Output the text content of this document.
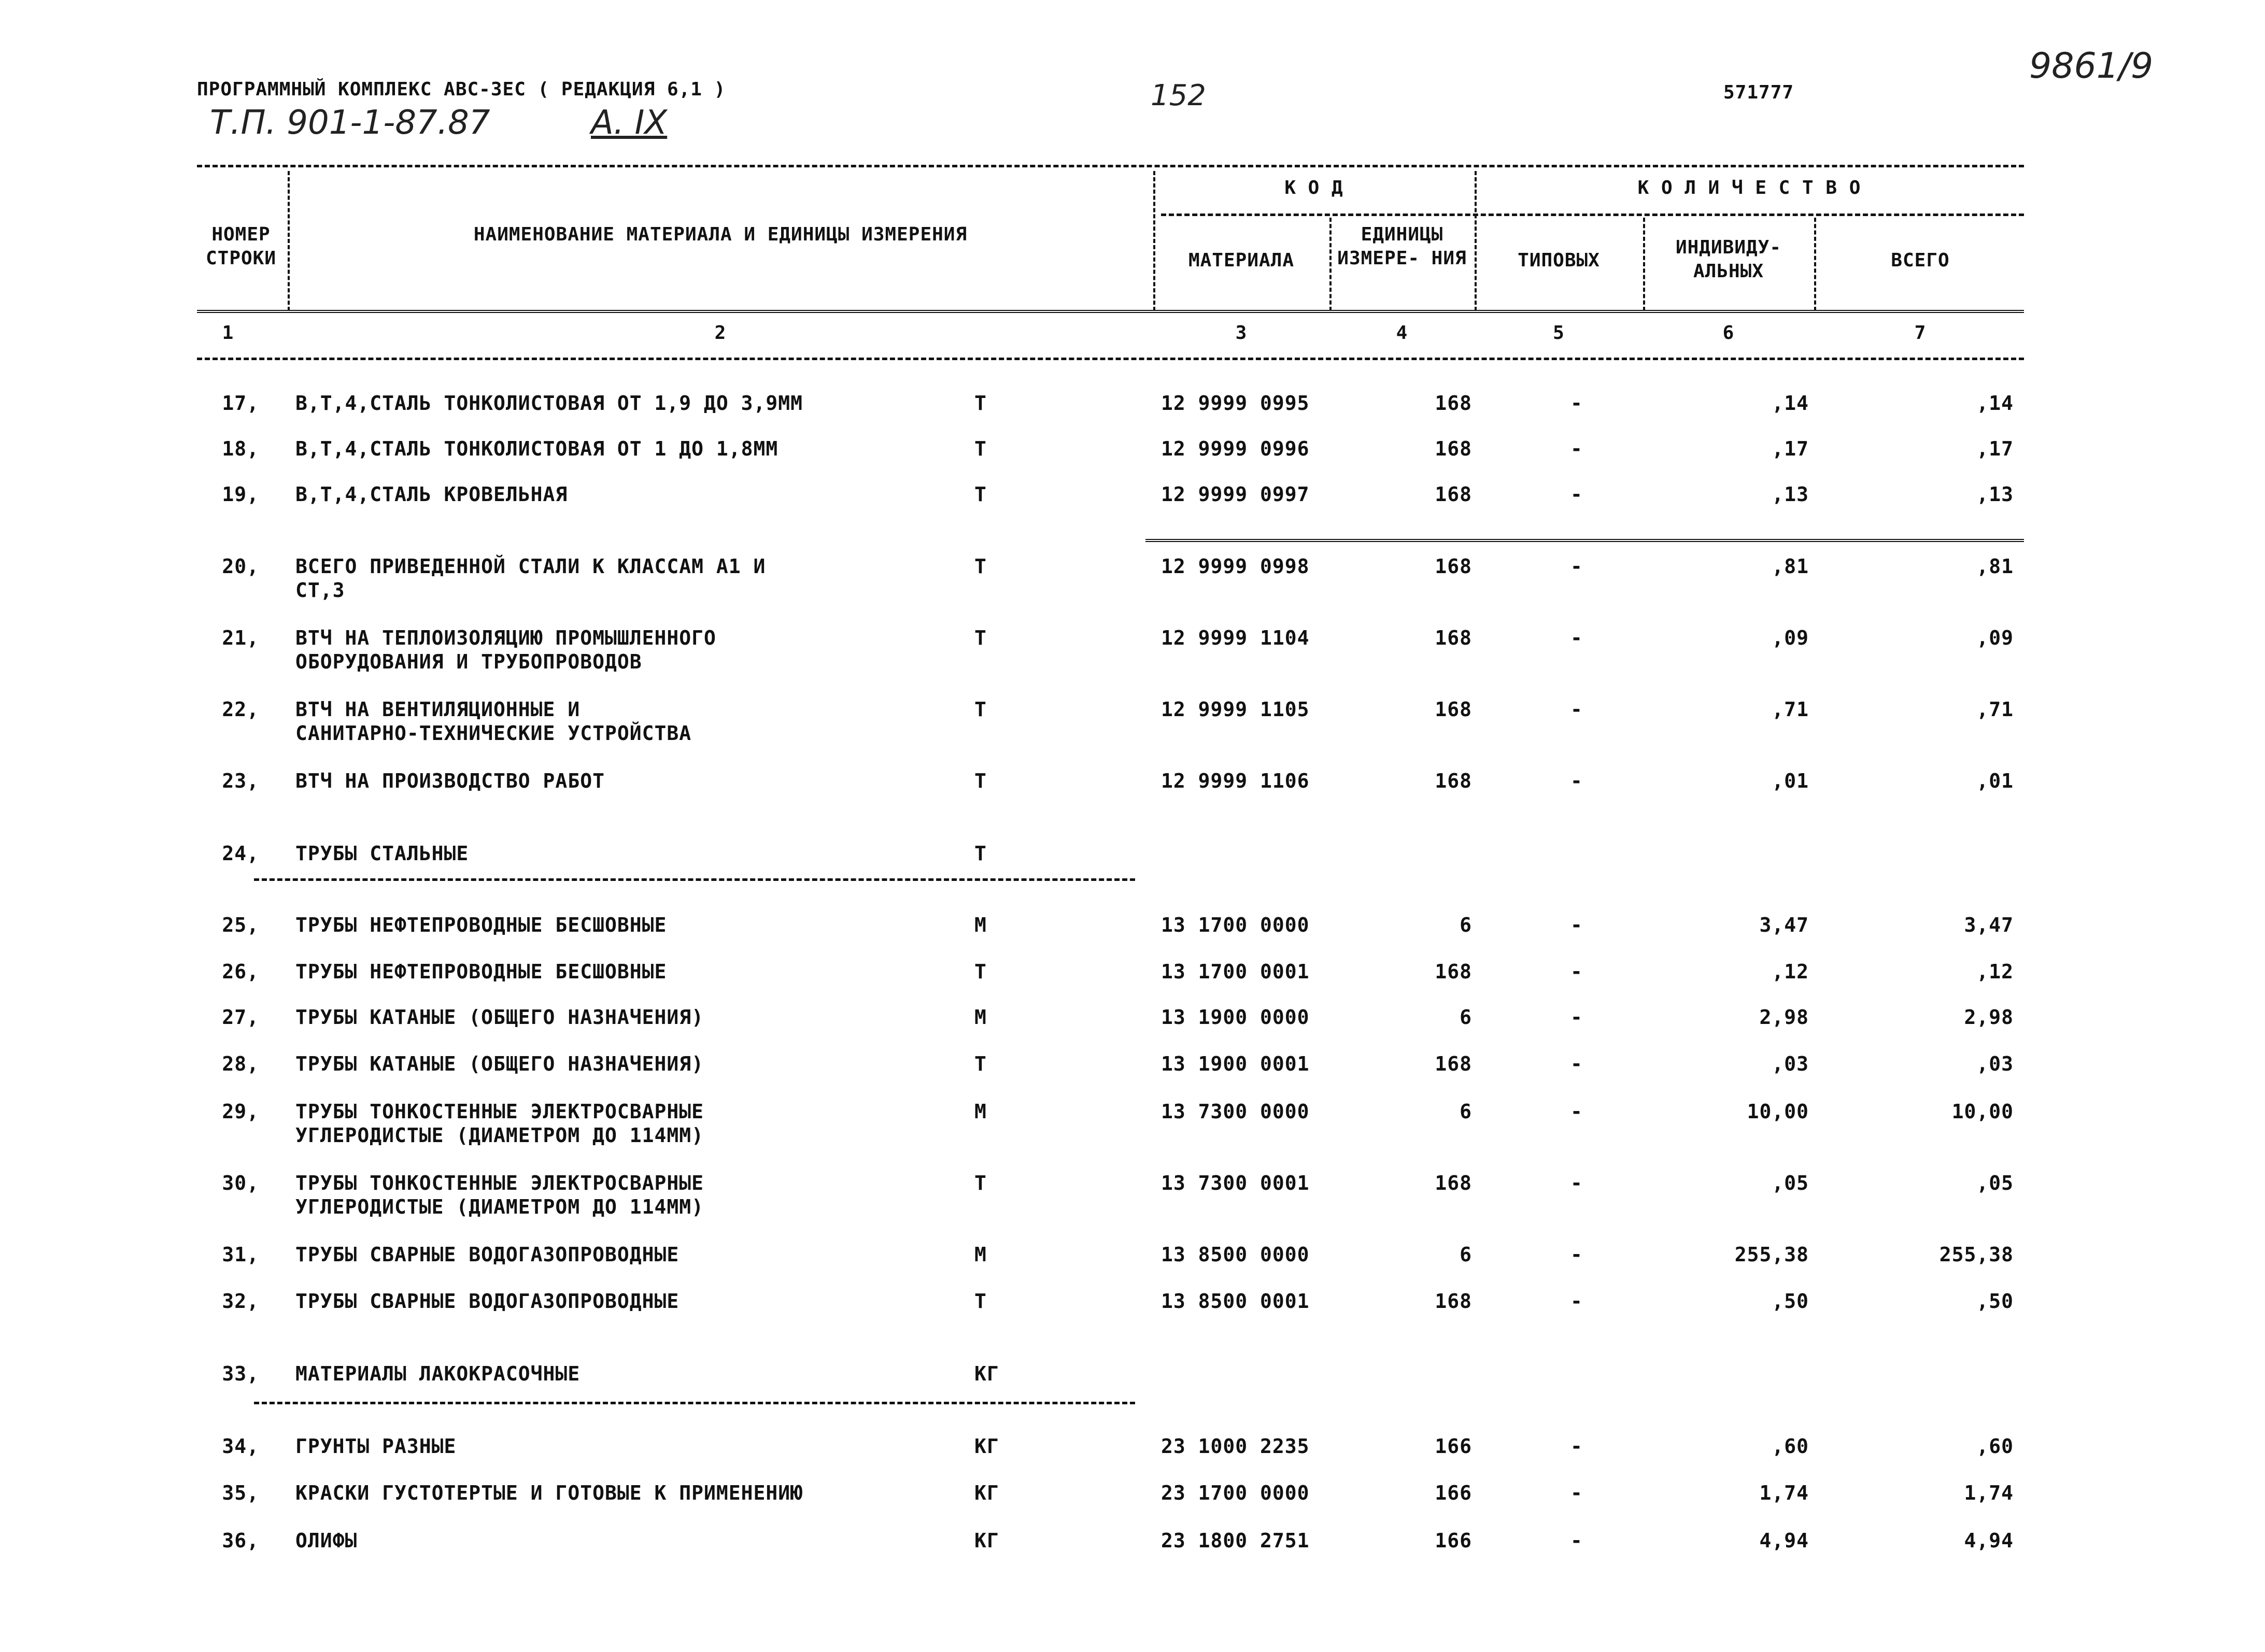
ПРОГРАММНЫЙ КОМПЛЕКС АВС-ЗЕС ( РЕДАКЦИЯ 6,1 )
Т.П. 901-1-87.87	А. IX
152	571777
9861/9
НОМЕР СТРОКИ
НАИМЕНОВАНИЕ МАТЕРИАЛА И ЕДИНИЦЫ ИЗМЕРЕНИЯ
К О Д
МАТЕРИАЛА
ЕДИНИЦЫ ИЗМЕРЕ- НИЯ
К О Л И Ч Е С Т В О
ТИПОВЫХ
ИНДИВИДУ- АЛЬНЫХ
ВСЕГО
1	2	3	4	5	6	7
17, В,Т,4,СТАЛЬ ТОНКОЛИСТОВАЯ ОТ 1,9 ДО 3,9ММ	Т	12 9999 0995	168	-	,14	,14
18, В,Т,4,СТАЛЬ ТОНКОЛИСТОВАЯ ОТ 1 ДО 1,8ММ	Т	12 9999 0996	168	-	,17	,17
19, В,Т,4,СТАЛЬ КРОВЕЛЬНАЯ	Т	12 9999 0997	168	-	,13	,13
20, ВСЕГО ПРИВЕДЕННОЙ СТАЛИ К КЛАССАМ А1 И
СТ,3
Т	12 9999 0998	168	-	,81	,81
21, ВТЧ НА ТЕПЛОИЗОЛЯЦИЮ ПРОМЫШЛЕННОГО
ОБОРУДОВАНИЯ И ТРУБОПРОВОДОВ
Т	12 9999 1104	168	-	,09	,09
22, ВТЧ НА ВЕНТИЛЯЦИОННЫЕ И
САНИТАРНО-ТЕХНИЧЕСКИЕ УСТРОЙСТВА
Т	12 9999 1105	168	-	,71	,71
23, ВТЧ НА ПРОИЗВОДСТВО РАБОТ	Т	12 9999 1106	168	-	,01	,01
24, ТРУБЫ СТАЛЬНЫЕ	Т
25, ТРУБЫ НЕФТЕПРОВОДНЫЕ БЕСШОВНЫЕ	М	13 1700 0000	6	-	3,47	3,47
26, ТРУБЫ НЕФТЕПРОВОДНЫЕ БЕСШОВНЫЕ	Т	13 1700 0001	168	-	,12	,12
27, ТРУБЫ КАТАНЫЕ (ОБЩЕГО НАЗНАЧЕНИЯ)	М	13 1900 0000	6	-	2,98	2,98
28, ТРУБЫ КАТАНЫЕ (ОБЩЕГО НАЗНАЧЕНИЯ)	Т	13 1900 0001	168	-	,03	,03
29, ТРУБЫ ТОНКОСТЕННЫЕ ЭЛЕКТРОСВАРНЫЕ
УГЛЕРОДИСТЫЕ (ДИАМЕТРОМ ДО 114ММ)
М	13 7300 0000	6	-	10,00	10,00
30, ТРУБЫ ТОНКОСТЕННЫЕ ЭЛЕКТРОСВАРНЫЕ
УГЛЕРОДИСТЫЕ (ДИАМЕТРОМ ДО 114ММ)
Т	13 7300 0001	168	-	,05	,05
31, ТРУБЫ СВАРНЫЕ ВОДОГАЗОПРОВОДНЫЕ	М	13 8500 0000	6	-	255,38	255,38
32, ТРУБЫ СВАРНЫЕ ВОДОГАЗОПРОВОДНЫЕ	Т	13 8500 0001	168	-	,50	,50
33, МАТЕРИАЛЫ ЛАКОКРАСОЧНЫЕ	КГ
34, ГРУНТЫ РАЗНЫЕ	КГ	23 1000 2235	166	-	,60	,60
35, КРАСКИ ГУСТОТЕРТЫЕ И ГОТОВЫЕ К ПРИМЕНЕНИЮ	КГ	23 1700 0000	166	-	1,74	1,74
36, ОЛИФЫ	КГ	23 1800 2751	166	-	4,94	4,94
